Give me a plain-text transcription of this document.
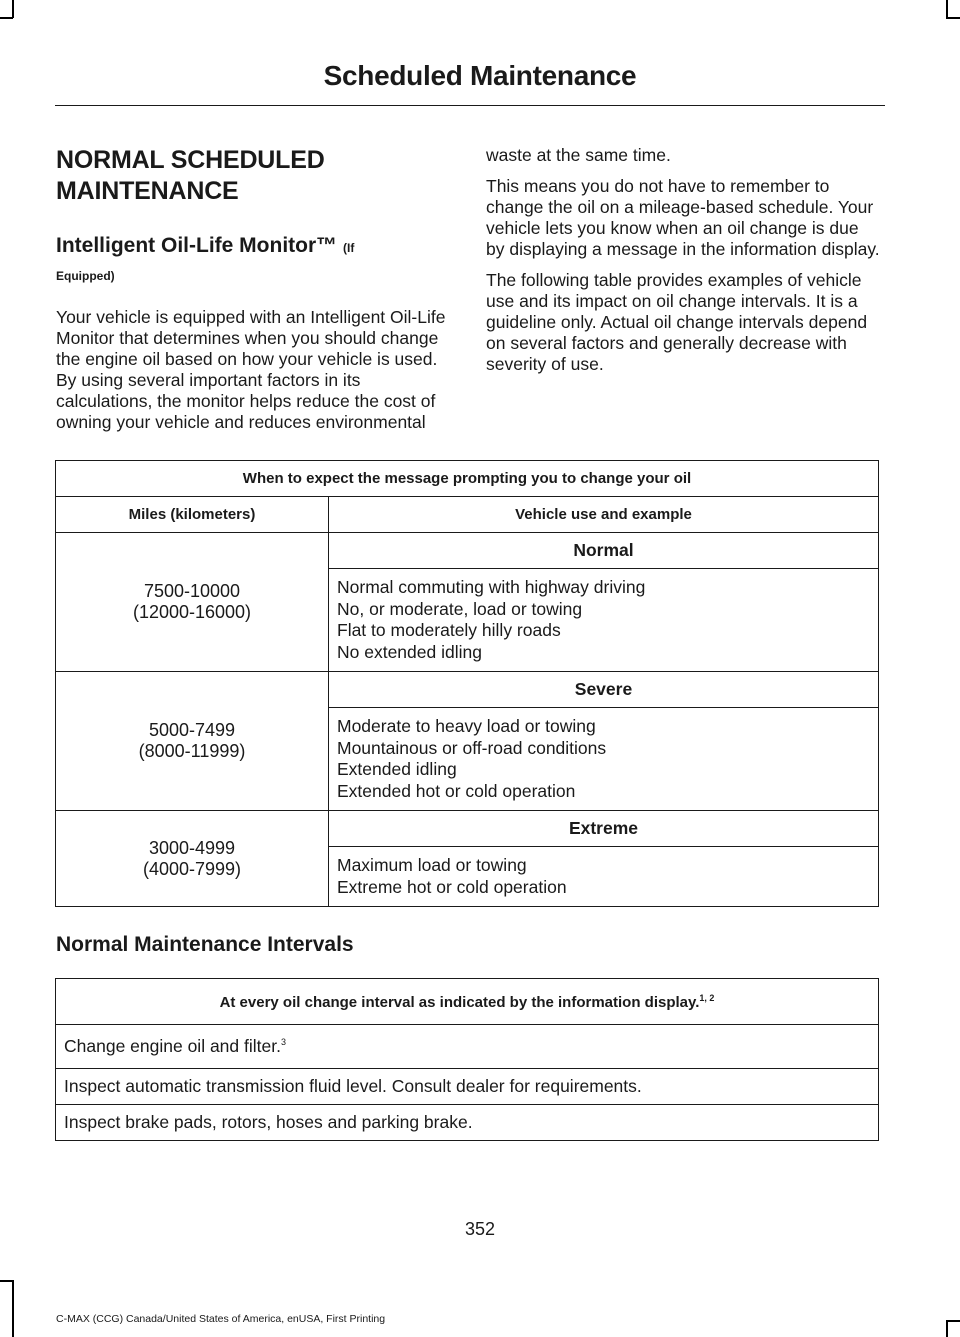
Scheduled Maintenance

NORMAL SCHEDULED

MAINTENANCE

Intelligent Oil-Life Monitor™ (If
Equipped)

Your vehicle is equipped with an Intelligent Oil-Life Monitor that determines when you should change the engine oil based on how your vehicle is used. By using several important factors in its calculations, the monitor helps reduce the cost of owning your vehicle and reduces environmental

waste at the same time.

This means you do not have to remember to change the oil on a mileage-based schedule. Your vehicle lets you know when an oil change is due by displaying a message in the information display.

The following table provides examples of vehicle use and its impact on oil change intervals. It is a guideline only. Actual oil change intervals depend on several factors and generally decrease with severity of use.

When to expect the message prompting you to change your oil	
Miles (kilometers)	Vehicle use and example

7500-10000
(12000-16000)	Normal

	Normal commuting with highway driving
No, or moderate, load or towing
Flat to moderately hilly roads
No extended idling

5000-7499
(8000-11999)	Severe

	Moderate to heavy load or towing
Mountainous or off-road conditions
Extended idling
Extended hot or cold operation

3000-4999
(4000-7999)	Extreme

	Maximum load or towing
Extreme hot or cold operation

Normal Maintenance Intervals

At every oil change interval as indicated by the information display.$^{1, 2}$
Change engine oil and filter.$^3$
Inspect automatic transmission fluid level. Consult dealer for requirements.
Inspect brake pads, rotors, hoses and parking brake.
352
C-MAX (CCG) Canada/United States of America, enUSA, First Printing
